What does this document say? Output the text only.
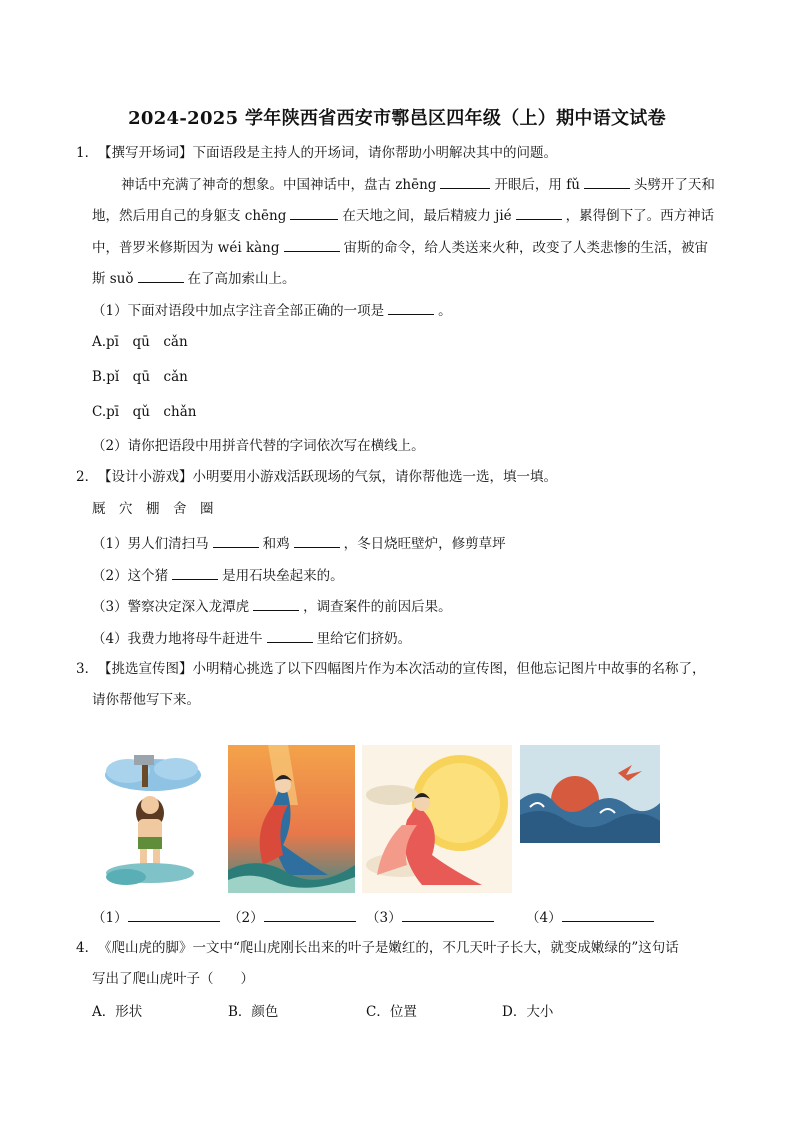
2024-2025 学年陕西省西安市鄠邑区四年级（上）期中语文试卷
1．【撰写开场词】下面语段是主持人的开场词，请你帮助小明解决其中的问题。
神话中充满了神奇的想象。中国神话中，盘古 zhēng	开眼后，用 fǔ	头劈开了天和
地，然后用自己的身躯支 chēng	在天地之间，最后精疲力 jié	，累得倒下了。西方神话
中，普罗米修斯因为 wéi kàng	宙斯的命令，给人类送来火种，改变了人类悲惨的生活，被宙
斯 suǒ	在了高加索山上。
（1）下面对语段中加点字注音全部正确的一项是	。
A.pī　qū　cǎn
B.pǐ　qū　cǎn
C.pī　qǔ　chǎn
（2）请你把语段中用拼音代替的字词依次写在横线上。
2．【设计小游戏】小明要用小游戏活跃现场的气氛，请你帮他选一选，填一填。
厩　穴　棚　舍　圈
（1）男人们清扫马	和鸡	，冬日烧旺壁炉，修剪草坪
（2）这个猪	是用石块垒起来的。
（3）警察决定深入龙潭虎	，调查案件的前因后果。
（4）我费力地将母牛赶进牛	里给它们挤奶。
3．【挑选宣传图】小明精心挑选了以下四幅图片作为本次活动的宣传图，但他忘记图片中故事的名称了，
请你帮他写下来。
（1）	（2）	（3）	（4）
4．《爬山虎的脚》一文中“爬山虎刚长出来的叶子是嫩红的，不几天叶子长大，就变成嫩绿的”这句话
写出了爬山虎叶子（　　）
A．形状	B．颜色	C．位置	D．大小
